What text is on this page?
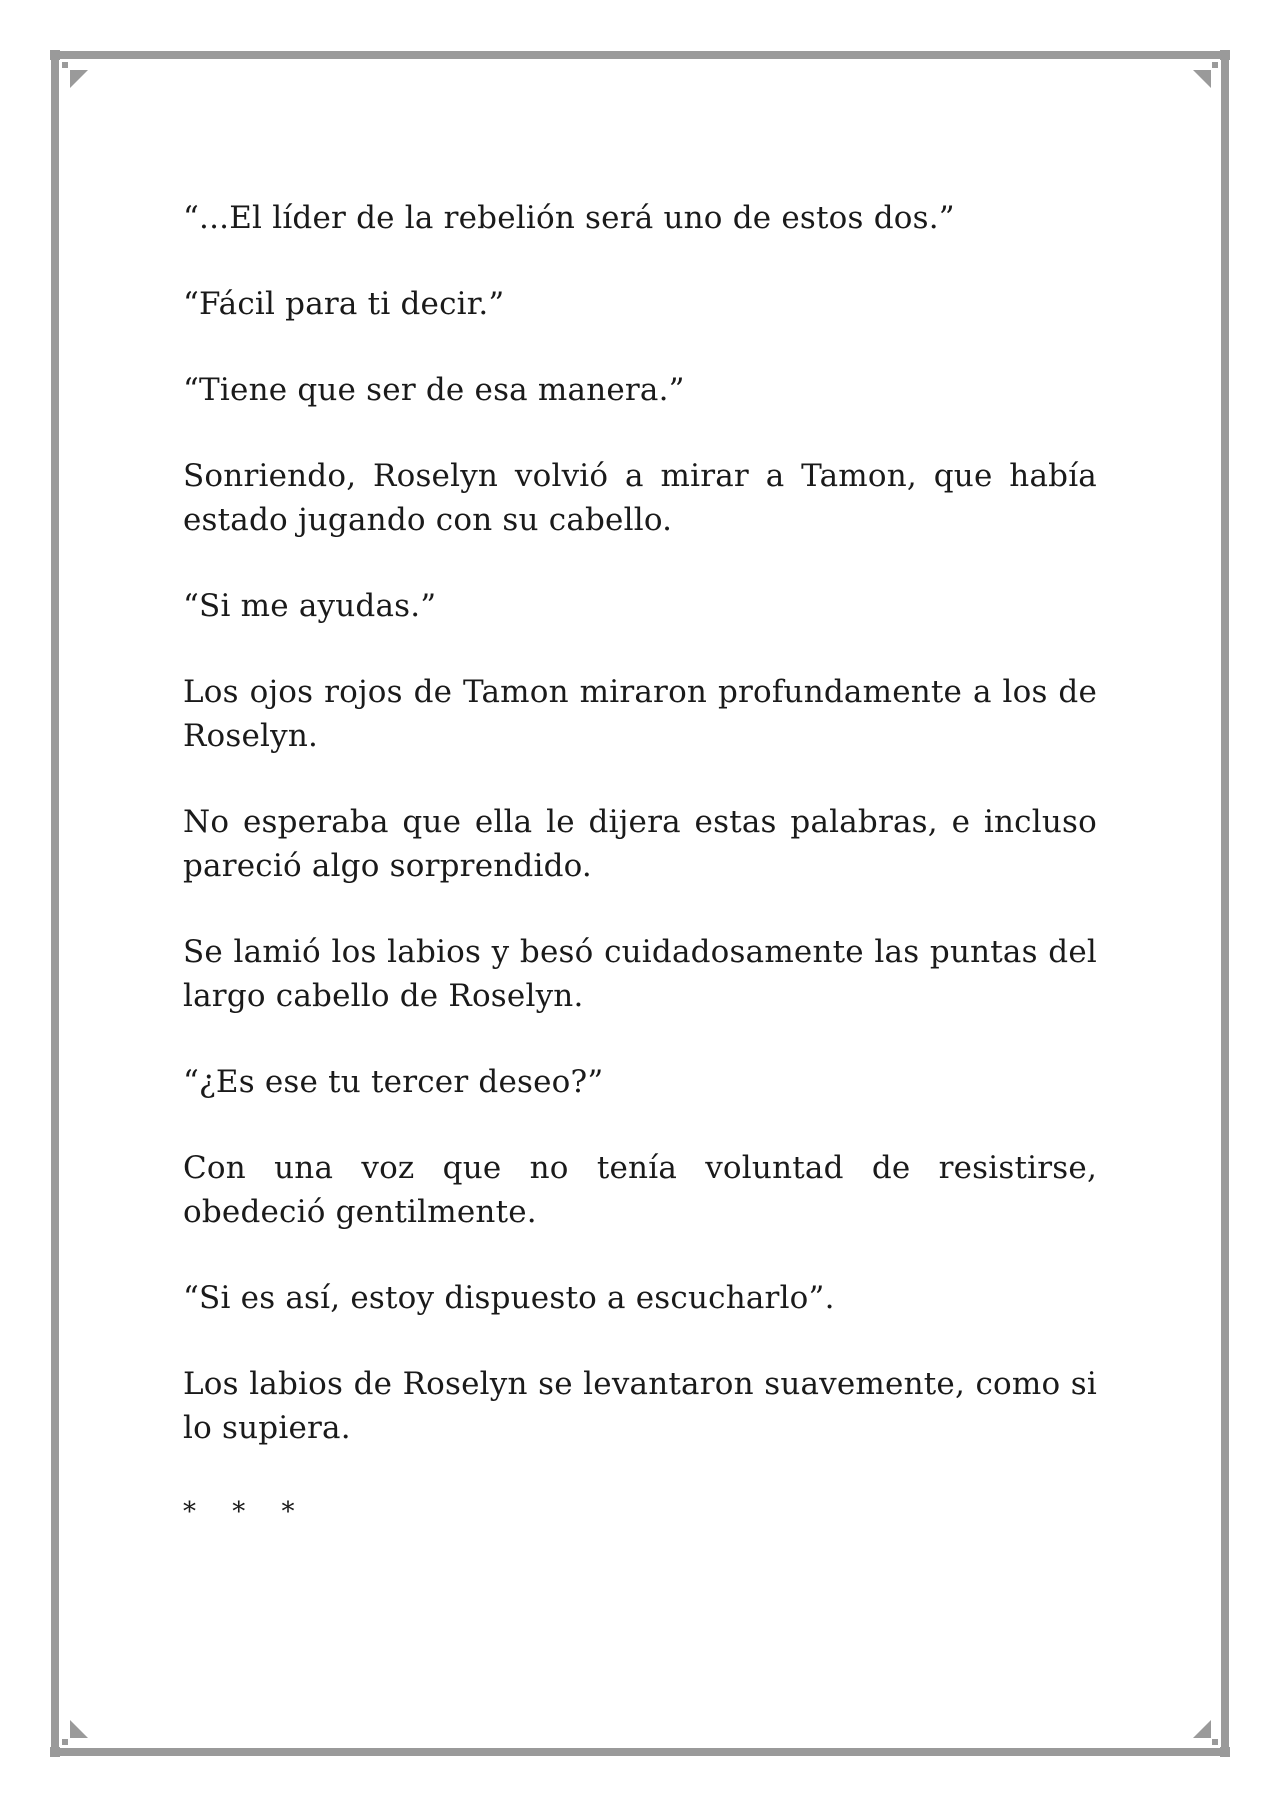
“...El líder de la rebelión será uno de estos dos.”

“Fácil para ti decir.”

“Tiene que ser de esa manera.”

Sonriendo, Roselyn volvió a mirar a Tamon, que había estado jugando con su cabello.

“Si me ayudas.”

Los ojos rojos de Tamon miraron profundamente a los de Roselyn.

No esperaba que ella le dijera estas palabras, e incluso pareció algo sorprendido.

Se lamió los labios y besó cuidadosamente las puntas del largo cabello de Roselyn.

“¿Es ese tu tercer deseo?”

Con una voz que no tenía voluntad de resistirse, obedeció gentilmente.

“Si es así, estoy dispuesto a escucharlo”.

Los labios de Roselyn se levantaron suavemente, como si lo supiera.

* * *
